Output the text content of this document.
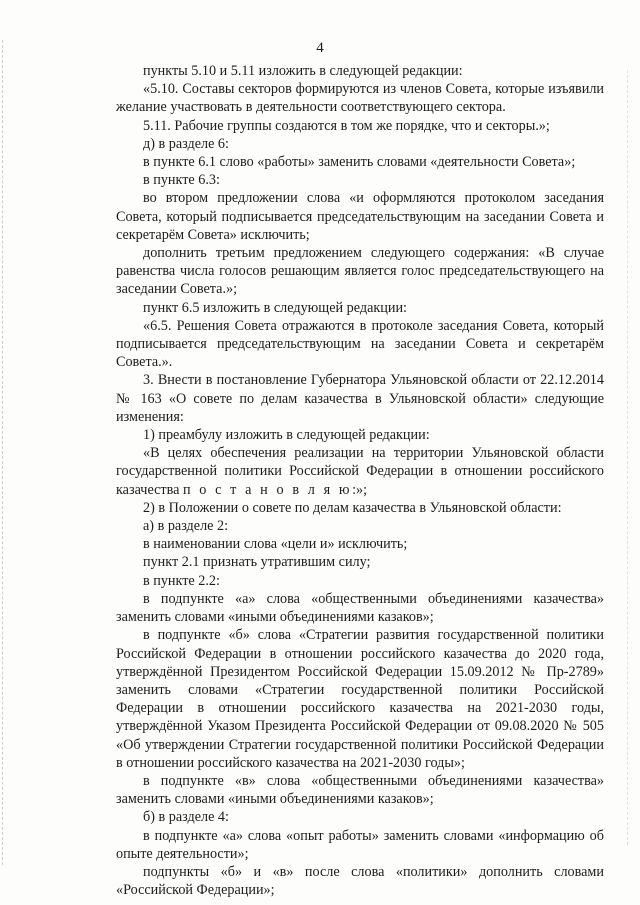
4

пункты 5.10 и 5.11 изложить в следующей редакции:

«5.10. Составы секторов формируются из членов Совета, которые изъявили желание участвовать в деятельности соответствующего сектора.

5.11. Рабочие группы создаются в том же порядке, что и секторы.»;

д) в разделе 6:

в пункте 6.1 слово «работы» заменить словами «деятельности Совета»;

в пункте 6.3:

во втором предложении слова «и оформляются протоколом заседания Совета, который подписывается председательствующим на заседании Совета и секретарём Совета» исключить;

дополнить третьим предложением следующего содержания: «В случае равенства числа голосов решающим является голос председательствующего на заседании Совета.»;

пункт 6.5 изложить в следующей редакции:

«6.5. Решения Совета отражаются в протоколе заседания Совета, который подписывается председательствующим на заседании Совета и секретарём Совета.».

3. Внести в постановление Губернатора Ульяновской области от 22.12.2014 № 163 «О совете по делам казачества в Ульяновской области» следующие изменения:

1) преамбулу изложить в следующей редакции:

«В целях обеспечения реализации на территории Ульяновской области государственной политики Российской Федерации в отношении российского казачества п о с т а н о в л я ю:»;

2) в Положении о совете по делам казачества в Ульяновской области:

а) в разделе 2:

в наименовании слова «цели и» исключить;

пункт 2.1 признать утратившим силу;

в пункте 2.2:

в подпункте «а» слова «общественными объединениями казачества» заменить словами «иными объединениями казаков»;

в подпункте «б» слова «Стратегии развития государственной политики Российской Федерации в отношении российского казачества до 2020 года, утверждённой Президентом Российской Федерации 15.09.2012 № Пр-2789» заменить словами «Стратегии государственной политики Российской Федерации в отношении российского казачества на 2021-2030 годы, утверждённой Указом Президента Российской Федерации от 09.08.2020 № 505 «Об утверждении Стратегии государственной политики Российской Федерации в отношении российского казачества на 2021-2030 годы»;

в подпункте «в» слова «общественными объединениями казачества» заменить словами «иными объединениями казаков»;

б) в разделе 4:

в подпункте «а» слова «опыт работы» заменить словами «информацию об опыте деятельности»;

подпункты «б» и «в» после слова «политики» дополнить словами «Российской Федерации»;
